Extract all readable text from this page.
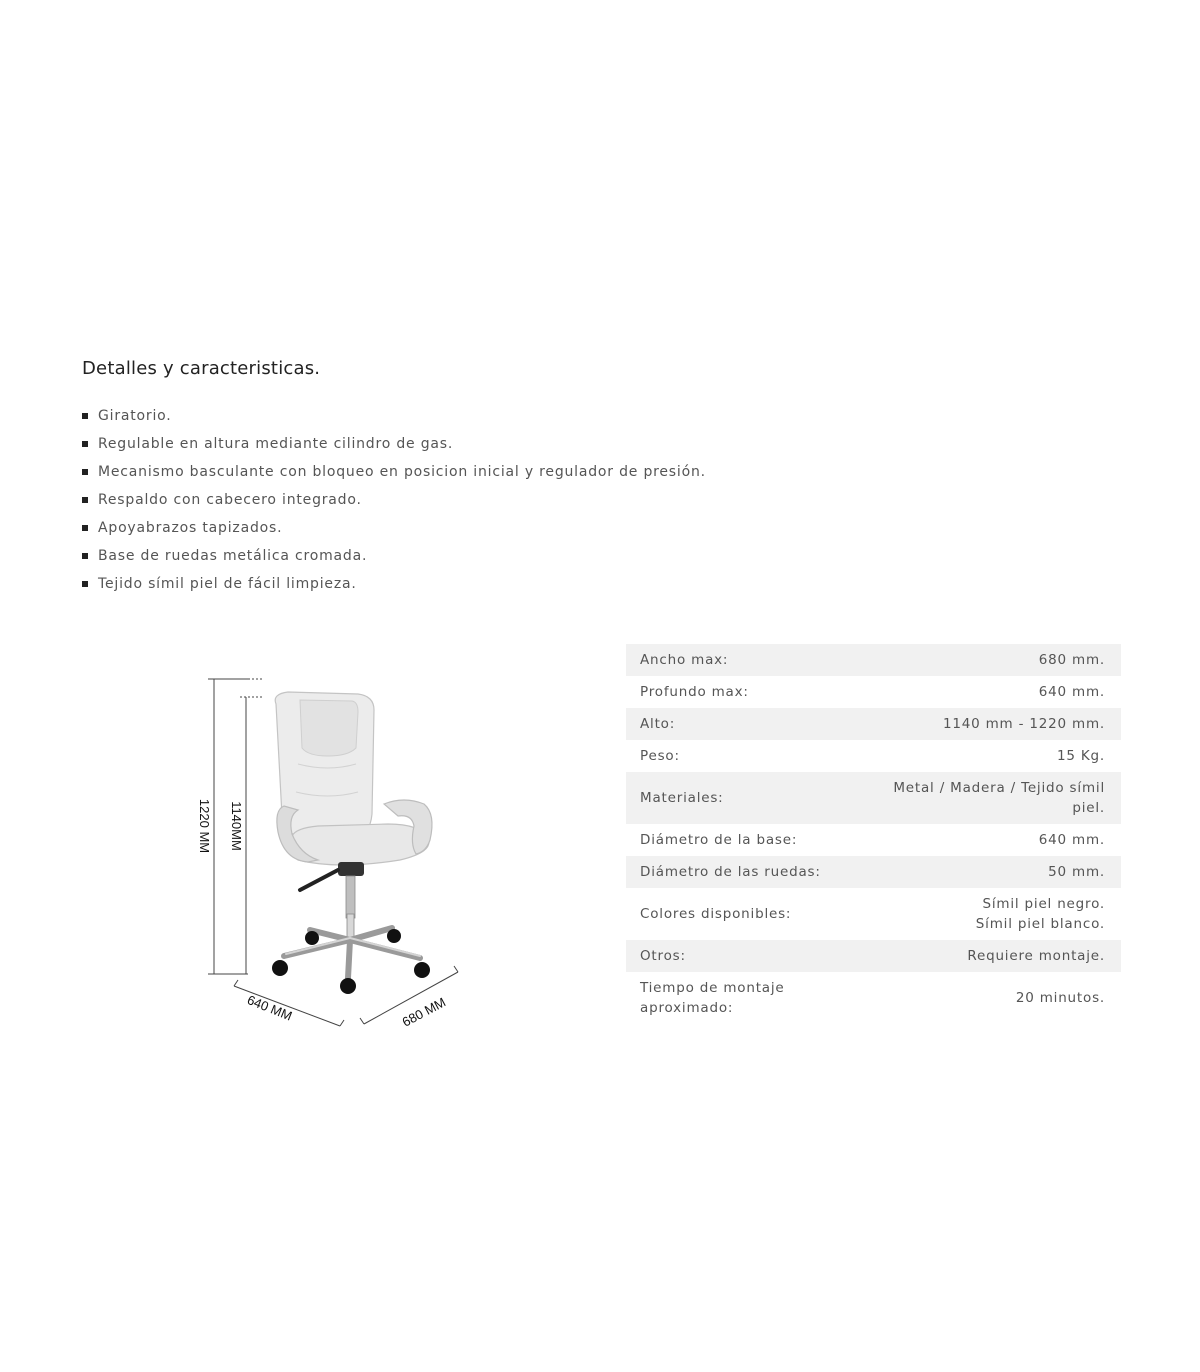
Detalles y caracteristicas.
Giratorio.
Regulable en altura mediante cilindro de gas.
Mecanismo basculante con bloqueo en posicion inicial y regulador de presión.
Respaldo con cabecero integrado.
Apoyabrazos tapizados.
Base de ruedas metálica cromada.
Tejido símil piel de fácil limpieza.
1220 MM 1140MM
640 MM	680 MM
Ancho max:	680 mm.
Profundo max:	640 mm.
Alto:	1140 mm - 1220 mm.
Peso:	15 Kg.
Materiales:	Metal / Madera / Tejido símil piel.
Diámetro de la base:	640 mm.
Diámetro de las ruedas:	50 mm.
Colores disponibles:	Símil piel negro.
Símil piel blanco.

Otros:	Requiere montaje.
Tiempo de montaje aproximado:	20 minutos.
